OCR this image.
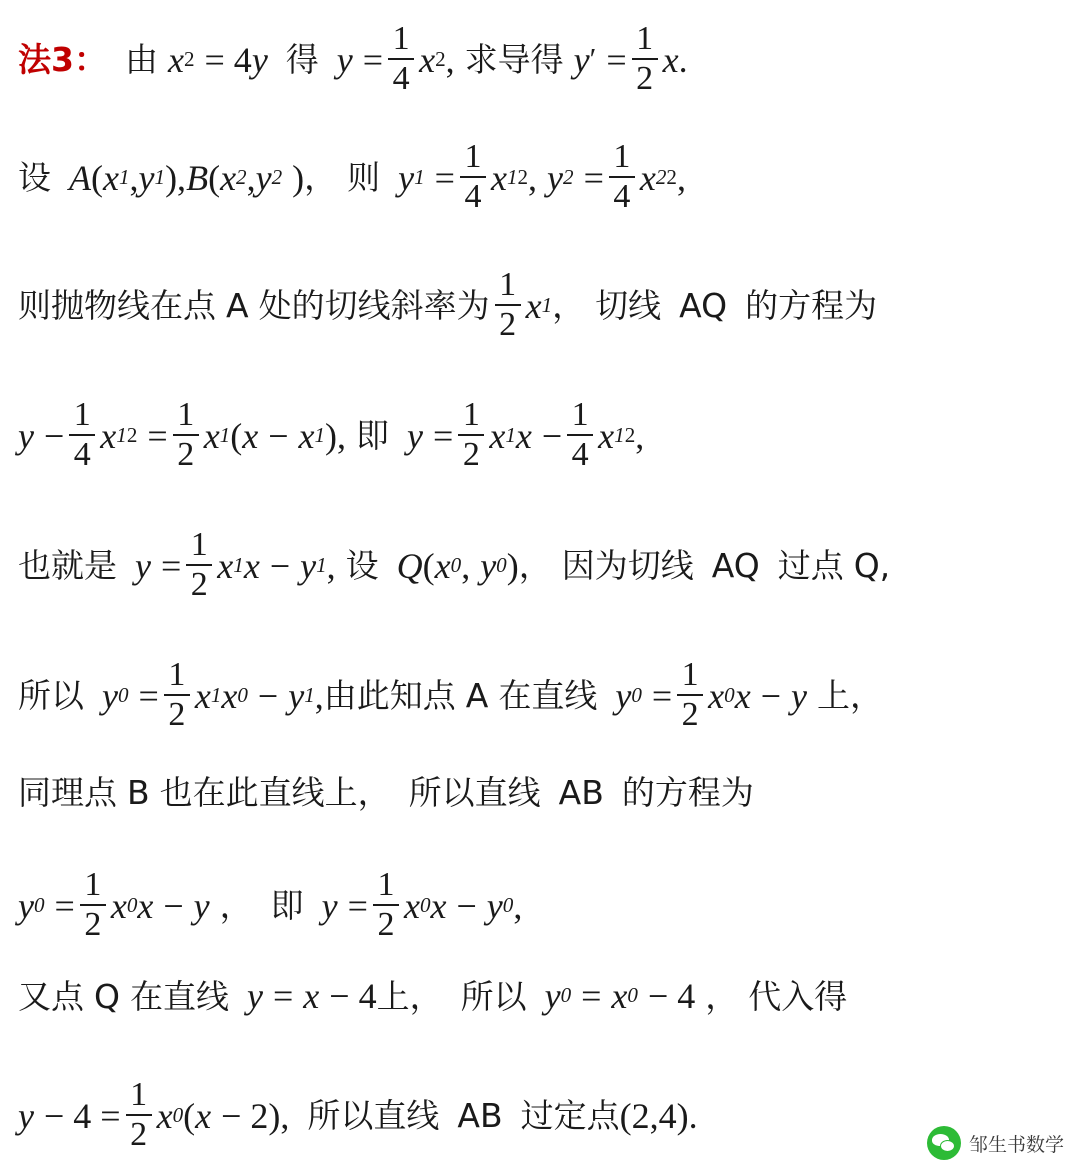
法3： 由 x 2 = 4 y 得 $y = \frac{1}{4}$ x 2 , 求导得 y ′ = $\frac{1}{2}$ x .
设 A ( x 1 , y 1 ), B ( x 2 , y 2 ) ， 则 y $1 = \frac{1}{4}$ x 1 2 , y $2 = \frac{1}{4}$ x 2 2 ,
则抛物线在点 A 处的切线斜率为 $\frac{1}{2}$ x 1 ， 切线 AQ 的方程为
$y - \frac{1}{4}$ x 1 $2 = \frac{1}{2}$ x 1 ( x − x 1 ), 即 $y = \frac{1}{2}$ x 1 $x - \frac{1}{4}$ x 1 2 ,
也就是 $y = \frac{1}{2}$ x 1 x − y 1 , 设 Q ( x 0 , y 0 ) ， 因为切线 AQ 过点 Q,
所以 y $0 = \frac{1}{2}$ x 1 x 0 − y 1 , 由此知点 A 在直线 y $0 = \frac{1}{2}$ x 0 x − y 上，
同理点 B 也在此直线上， 所以直线 AB 的方程为
y $0 = \frac{1}{2}$ x 0 x − y ， 即 $y = \frac{1}{2}$ x 0 x − y 0 ,
又点 Q 在直线 y = x − 4 上， 所以 y 0 = x 0 − 4 ， 代入得
$y - 4 = \frac{1}{2}$ x 0 ( x − 2), 所以直线 AB 过定点 (2,4).
邹生书数学
